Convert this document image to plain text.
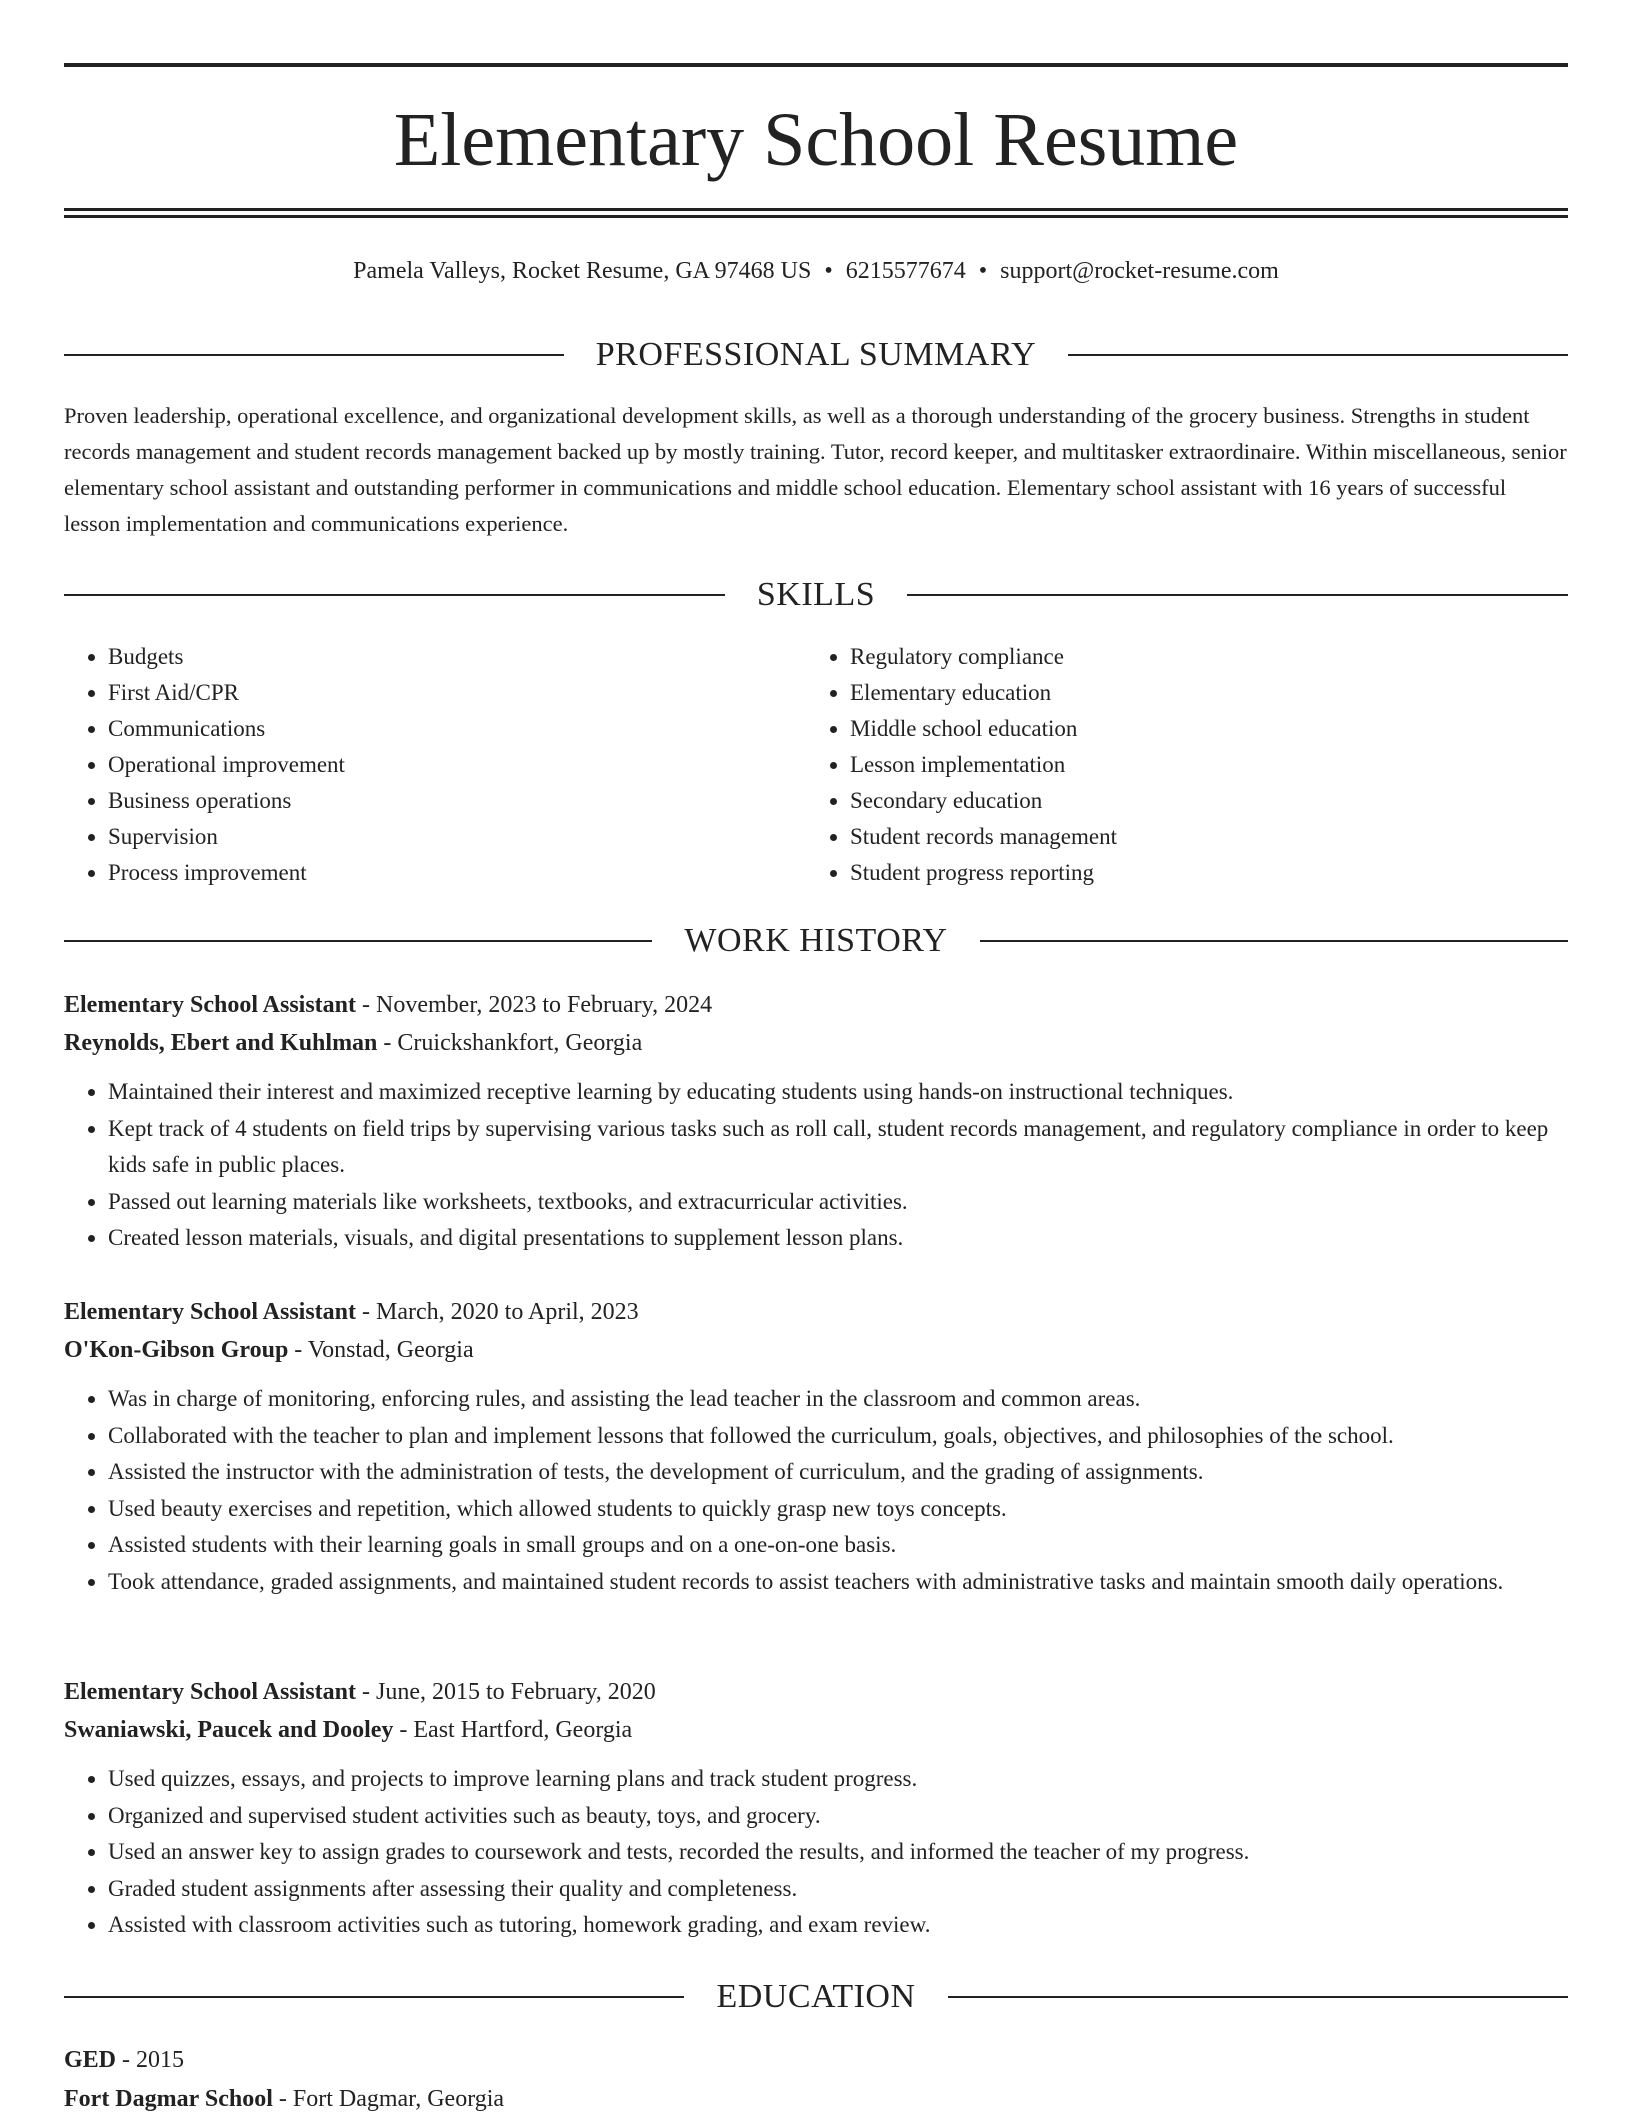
Elementary School Resume
Pamela Valleys, Rocket Resume, GA 97468 US • 6215577674 • support@rocket-resume.com
PROFESSIONAL SUMMARY

Proven leadership, operational excellence, and organizational development skills, as well as a thorough understanding of the grocery business. Strengths in student records management and student records management backed up by mostly training. Tutor, record keeper, and multitasker extraordinaire. Within miscellaneous, senior elementary school assistant and outstanding performer in communications and middle school education. Elementary school assistant with 16 years of successful lesson implementation and communications experience.

SKILLS
• Budgets
• First Aid/CPR
• Communications
• Operational improvement
• Business operations
• Supervision
• Process improvement
• Regulatory compliance
• Elementary education
• Middle school education
• Lesson implementation
• Secondary education
• Student records management
• Student progress reporting
WORK HISTORY
Elementary School Assistant - November, 2023 to February, 2024
Reynolds, Ebert and Kuhlman - Cruickshankfort, Georgia
• Maintained their interest and maximized receptive learning by educating students using hands-on instructional techniques.
• Kept track of 4 students on field trips by supervising various tasks such as roll call, student records management, and regulatory compliance in order to keep kids safe in public places.
• Passed out learning materials like worksheets, textbooks, and extracurricular activities.
• Created lesson materials, visuals, and digital presentations to supplement lesson plans.
Elementary School Assistant - March, 2020 to April, 2023
O'Kon-Gibson Group - Vonstad, Georgia
• Was in charge of monitoring, enforcing rules, and assisting the lead teacher in the classroom and common areas.
• Collaborated with the teacher to plan and implement lessons that followed the curriculum, goals, objectives, and philosophies of the school.
• Assisted the instructor with the administration of tests, the development of curriculum, and the grading of assignments.
• Used beauty exercises and repetition, which allowed students to quickly grasp new toys concepts.
• Assisted students with their learning goals in small groups and on a one-on-one basis.
• Took attendance, graded assignments, and maintained student records to assist teachers with administrative tasks and maintain smooth daily operations.
Elementary School Assistant - June, 2015 to February, 2020
Swaniawski, Paucek and Dooley - East Hartford, Georgia
• Used quizzes, essays, and projects to improve learning plans and track student progress.
• Organized and supervised student activities such as beauty, toys, and grocery.
• Used an answer key to assign grades to coursework and tests, recorded the results, and informed the teacher of my progress.
• Graded student assignments after assessing their quality and completeness.
• Assisted with classroom activities such as tutoring, homework grading, and exam review.
EDUCATION
GED - 2015
Fort Dagmar School - Fort Dagmar, Georgia
